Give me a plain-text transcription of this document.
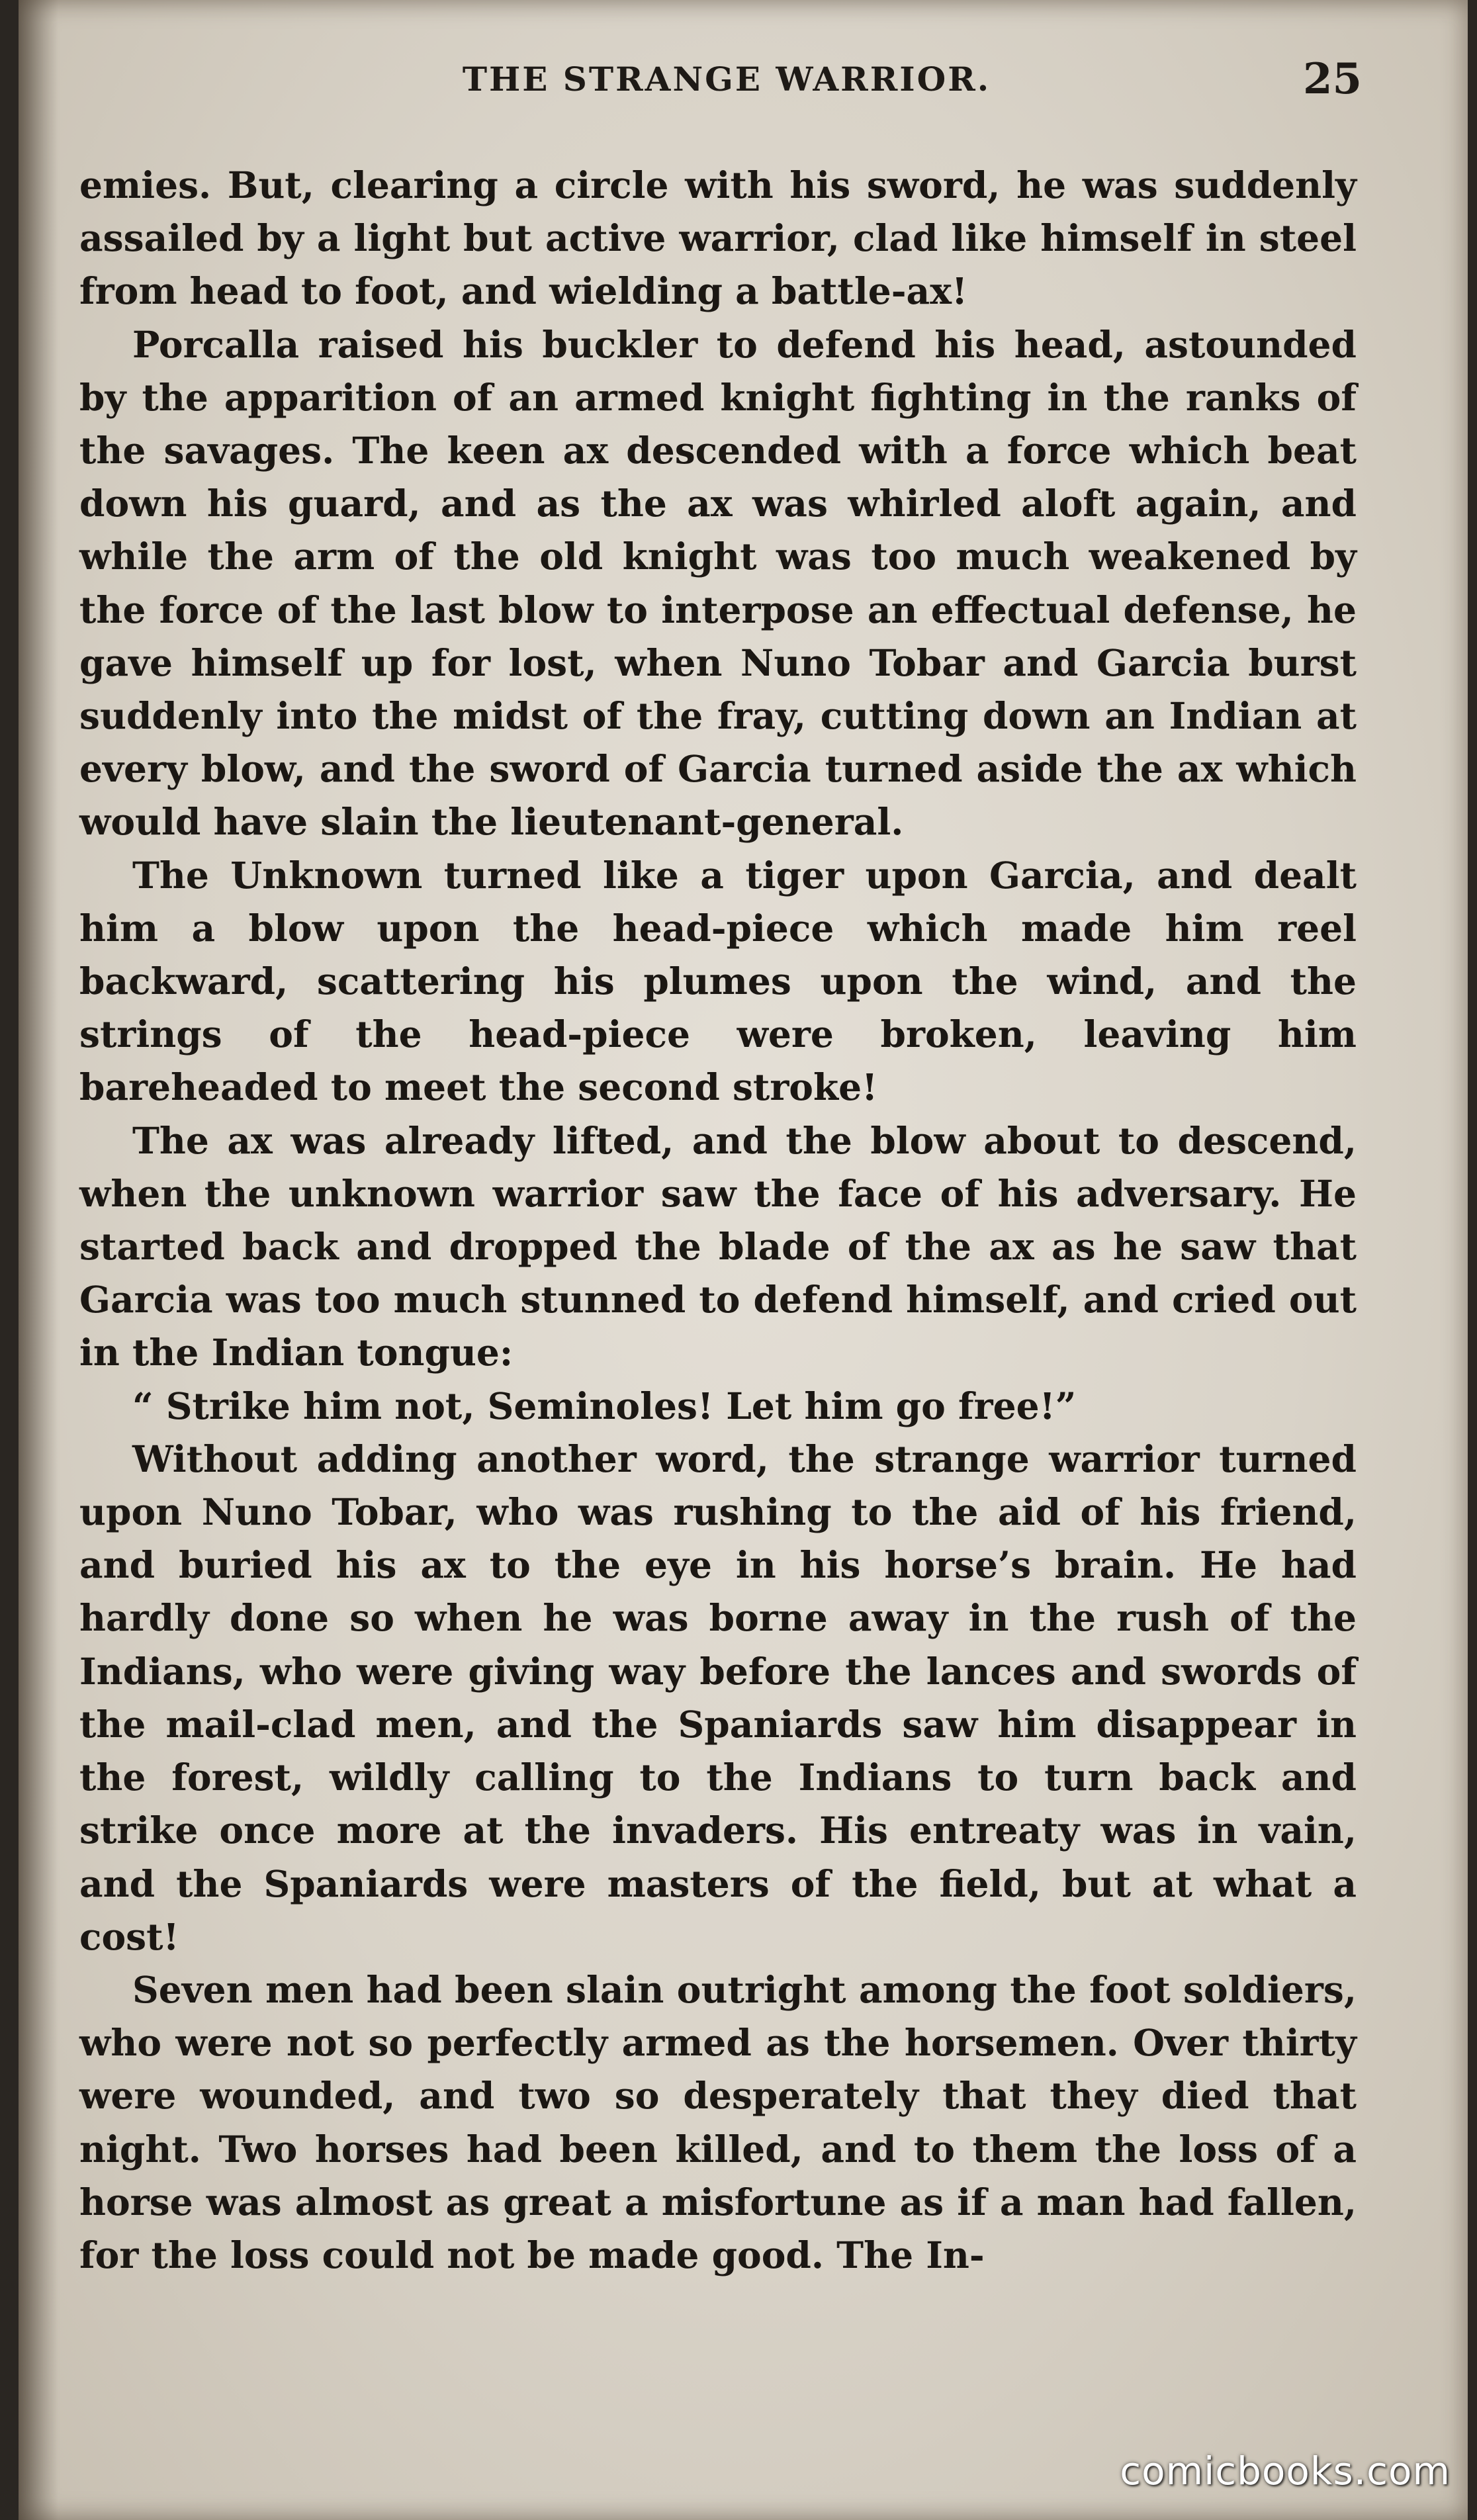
THE STRANGE WARRIOR.	25

emies. But, clearing a circle with his sword, he was suddenly assailed by a light but active warrior, clad like himself in steel from head to foot, and wielding a battle-ax!

Porcalla raised his buckler to defend his head, astounded by the apparition of an armed knight fighting in the ranks of the savages. The keen ax descended with a force which beat down his guard, and as the ax was whirled aloft again, and while the arm of the old knight was too much weakened by the force of the last blow to interpose an effectual defense, he gave himself up for lost, when Nuno Tobar and Garcia burst suddenly into the midst of the fray, cutting down an Indian at every blow, and the sword of Garcia turned aside the ax which would have slain the lieutenant-general.

The Unknown turned like a tiger upon Garcia, and dealt him a blow upon the head-piece which made him reel backward, scattering his plumes upon the wind, and the strings of the head-piece were broken, leaving him bareheaded to meet the second stroke!

The ax was already lifted, and the blow about to descend, when the unknown warrior saw the face of his adversary. He started back and dropped the blade of the ax as he saw that Garcia was too much stunned to defend himself, and cried out in the Indian tongue:

“ Strike him not, Seminoles! Let him go free!”

Without adding another word, the strange warrior turned upon Nuno Tobar, who was rushing to the aid of his friend, and buried his ax to the eye in his horse’s brain. He had hardly done so when he was borne away in the rush of the Indians, who were giving way before the lances and swords of the mail-clad men, and the Spaniards saw him disappear in the forest, wildly calling to the Indians to turn back and strike once more at the invaders. His entreaty was in vain, and the Spaniards were masters of the field, but at what a cost!

Seven men had been slain outright among the foot soldiers, who were not so perfectly armed as the horsemen. Over thirty were wounded, and two so desperately that they died that night. Two horses had been killed, and to them the loss of a horse was almost as great a misfortune as if a man had fallen, for the loss could not be made good. The In-

comicbooks.com
